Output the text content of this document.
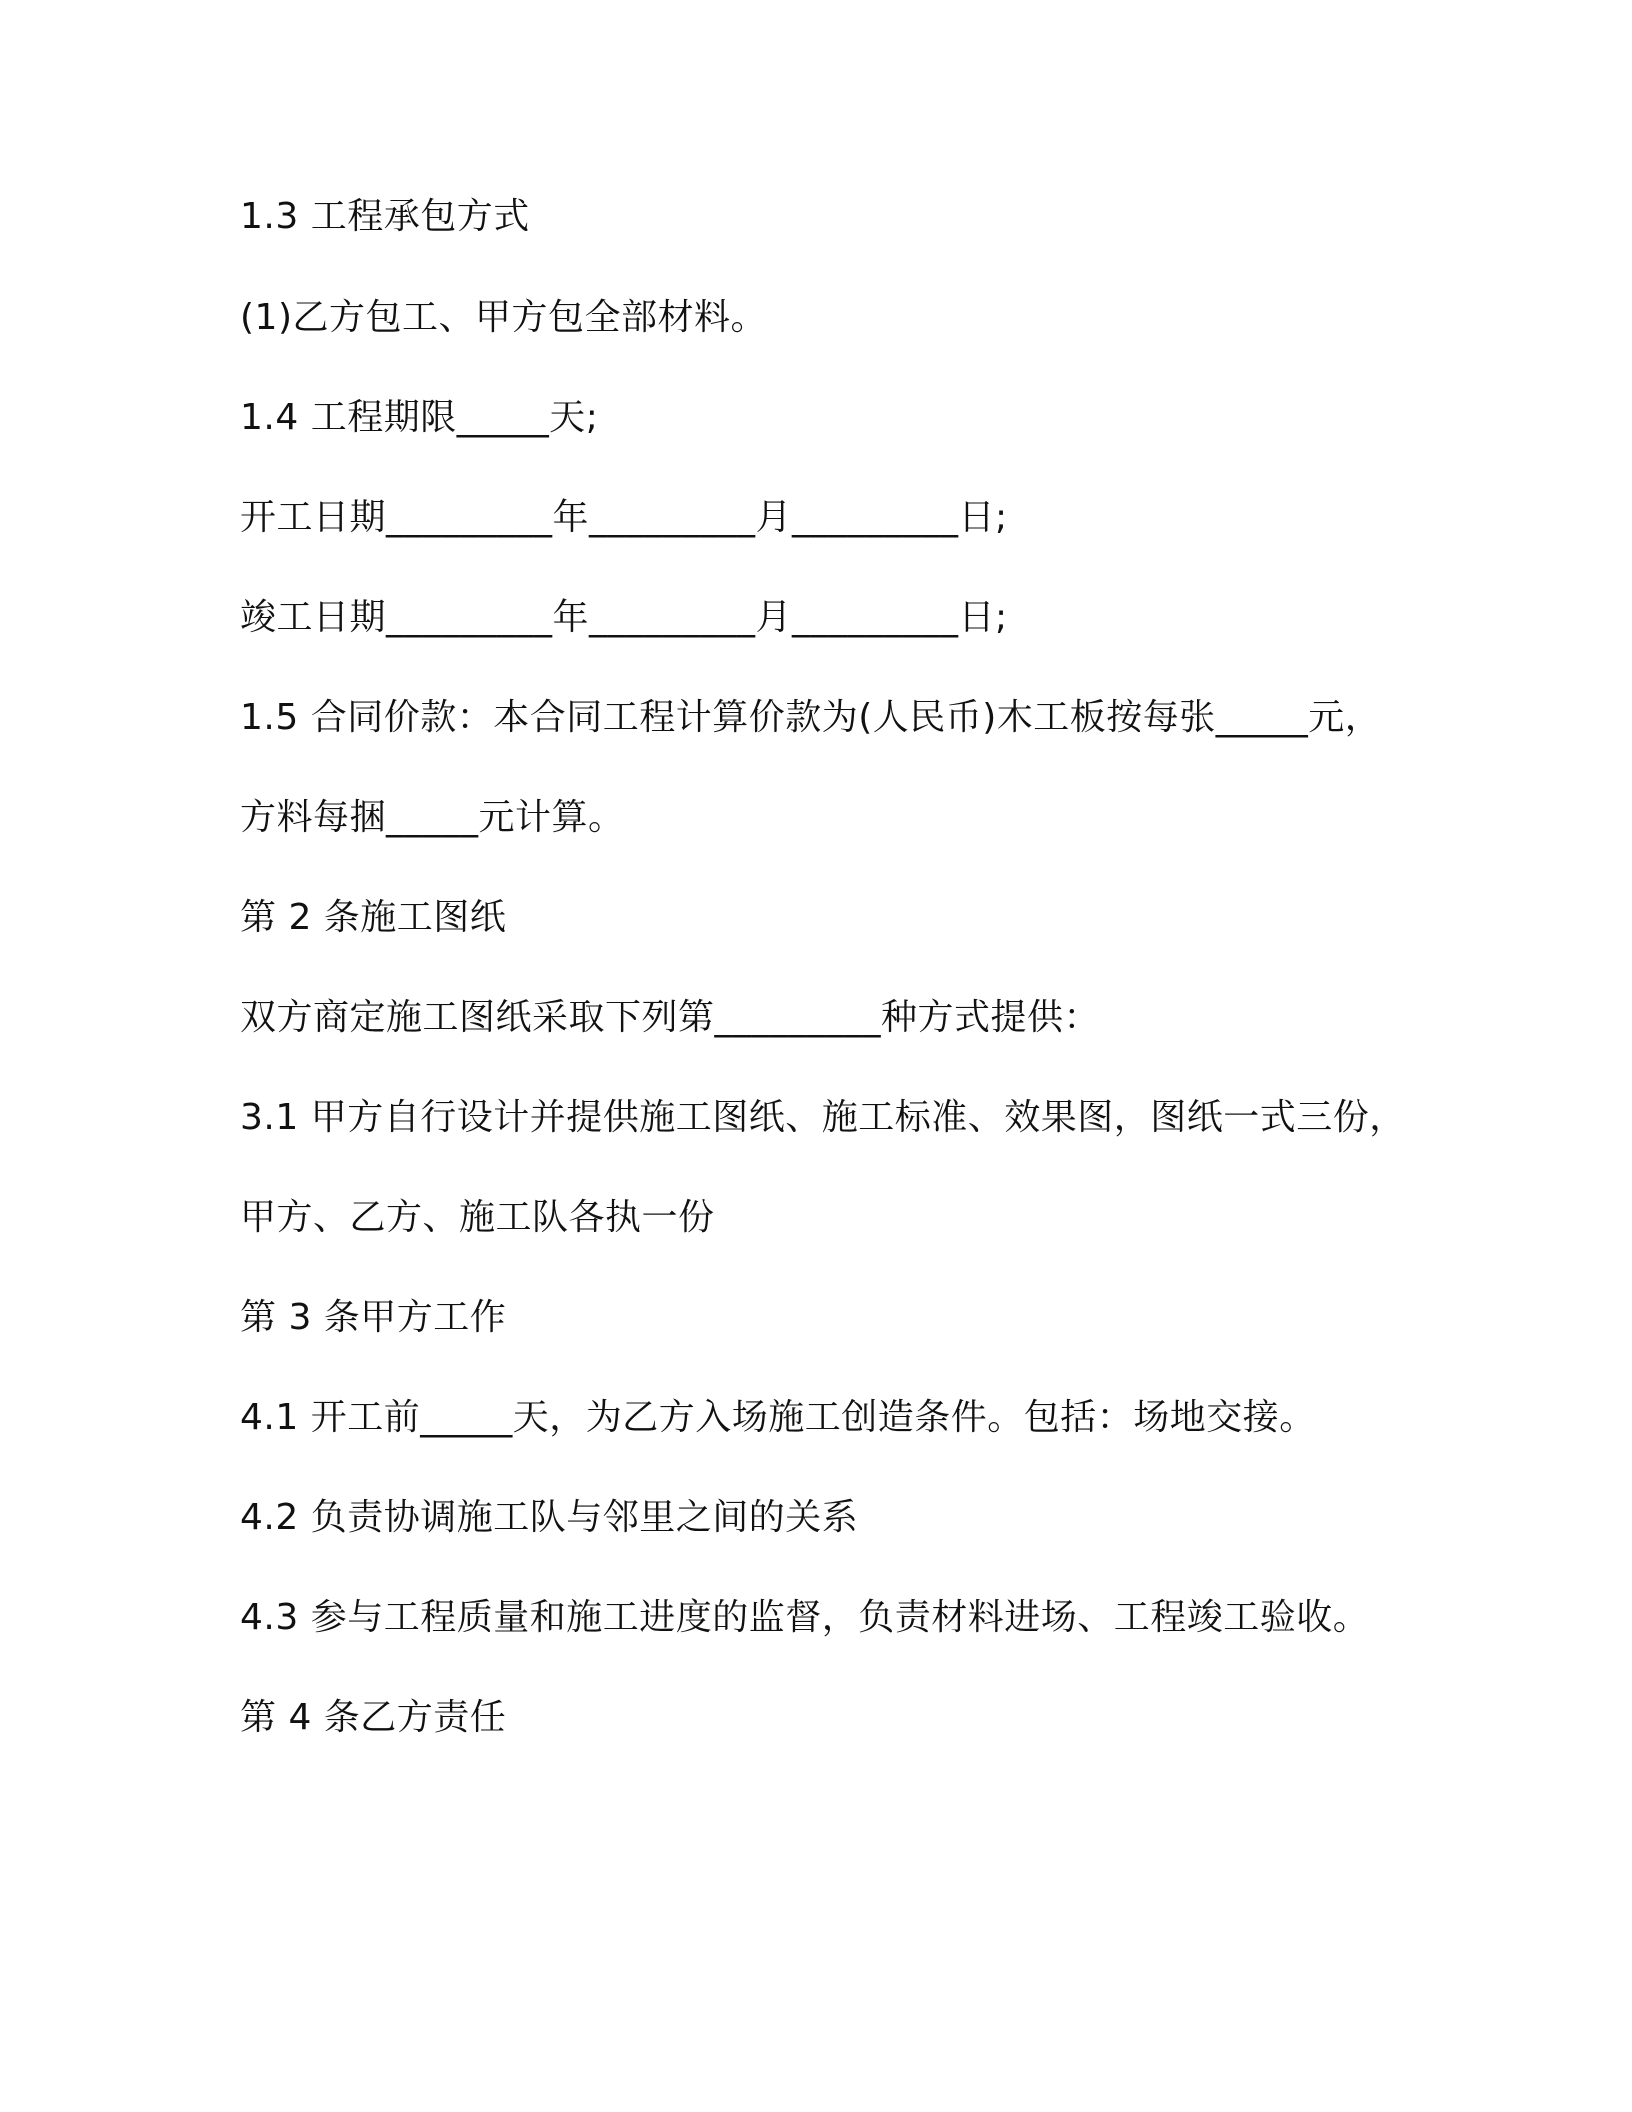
1.3 工程承包方式
(1)乙方包工、甲方包全部材料。
1.4 工程期限_____天;
开工日期_________年_________月_________日;
竣工日期_________年_________月_________日;
1.5 合同价款：本合同工程计算价款为(人民币)木工板按每张_____元，
方料每捆_____元计算。
第 2 条施工图纸
双方商定施工图纸采取下列第_________种方式提供：
3.1 甲方自行设计并提供施工图纸、施工标准、效果图，图纸一式三份，
甲方、乙方、施工队各执一份
第 3 条甲方工作
4.1 开工前_____天，为乙方入场施工创造条件。包括：场地交接。
4.2 负责协调施工队与邻里之间的关系
4.3 参与工程质量和施工进度的监督，负责材料进场、工程竣工验收。
第 4 条乙方责任
